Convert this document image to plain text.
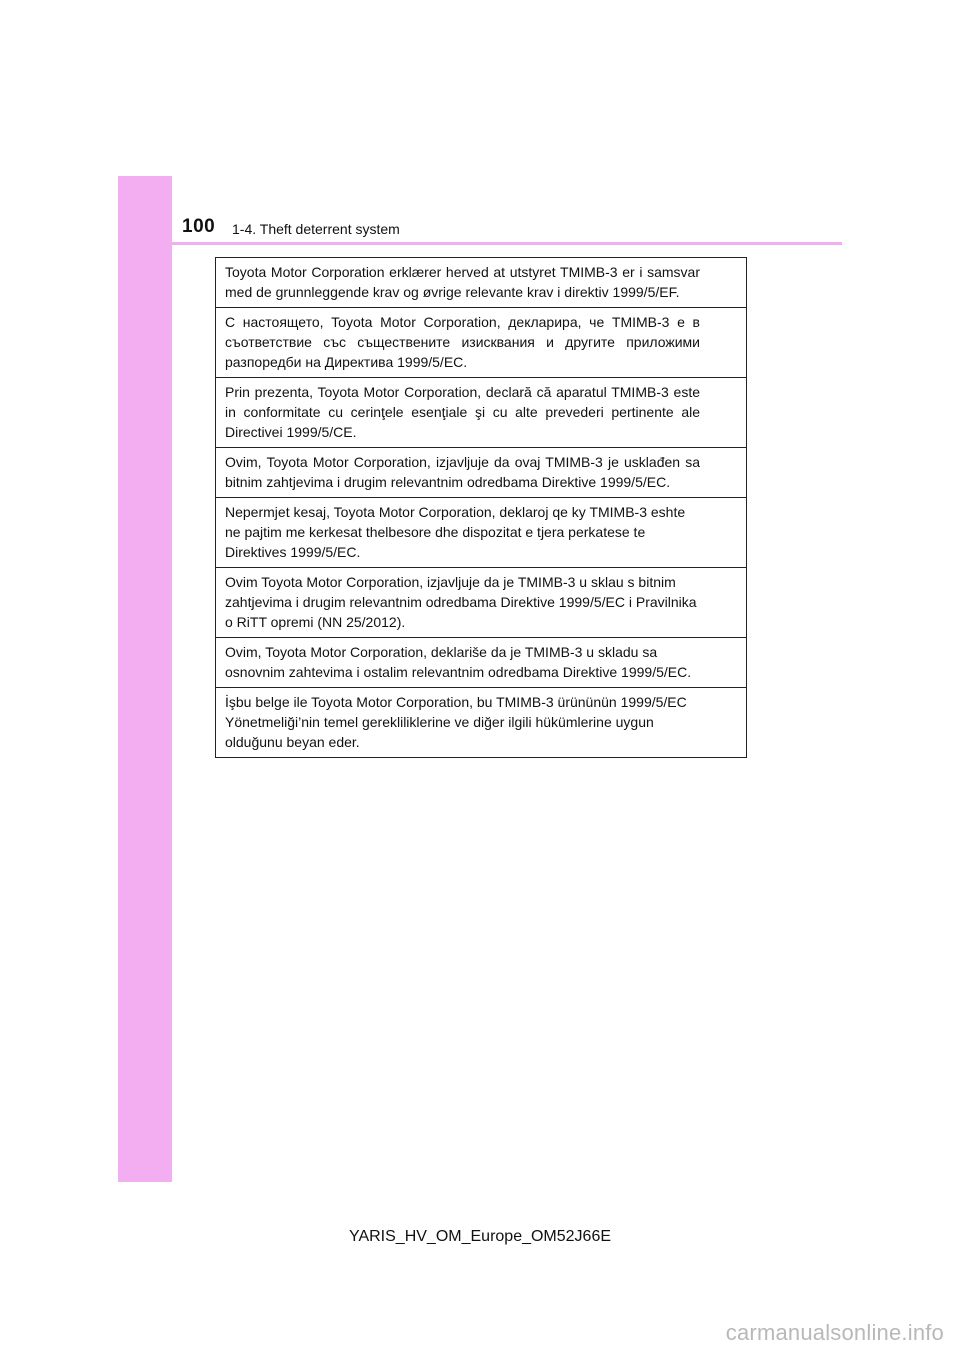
100 1-4. Theft deterrent system
Toyota Motor Corporation erklærer herved at utstyret TMIMB-3 er i samsvar med de grunnleggende krav og øvrige relevante krav i direktiv 1999/5/EF.
С настоящето, Toyota Motor Corporation, декларира, че TMIMB-3 е в съответствие със съществените изисквания и другите приложими разпоредби на Директива 1999/5/EC.
Prin prezenta, Toyota Motor Corporation, declară că aparatul TMIMB-3 este in conformitate cu cerinţele esenţiale şi cu alte prevederi pertinente ale Directivei 1999/5/CE.
Ovim, Toyota Motor Corporation, izjavljuje da ovaj TMIMB-3 je usklađen sa bitnim zahtjevima i drugim relevantnim odredbama Direktive 1999/5/EC.
Nepermjet kesaj, Toyota Motor Corporation, deklaroj qe ky TMIMB-3 eshte ne pajtim me kerkesat thelbesore dhe dispozitat e tjera perkatese te Direktives 1999/5/EC.
Ovim Toyota Motor Corporation, izjavljuje da je TMIMB-3 u sklau s bitnim zahtjevima i drugim relevantnim odredbama Direktive 1999/5/EC i Pravilnika o RiTT opremi (NN 25/2012).
Ovim, Toyota Motor Corporation, deklariše da je TMIMB-3 u skladu sa osnovnim zahtevima i ostalim relevantnim odredbama Direktive 1999/5/EC.
İşbu belge ile Toyota Motor Corporation, bu TMIMB-3 ürününün 1999/5/EC Yönetmeliği’nin temel gerekliliklerine ve diğer ilgili hükümlerine uygun olduğunu beyan eder.
YARIS_HV_OM_Europe_OM52J66E
carmanualsonline.info
